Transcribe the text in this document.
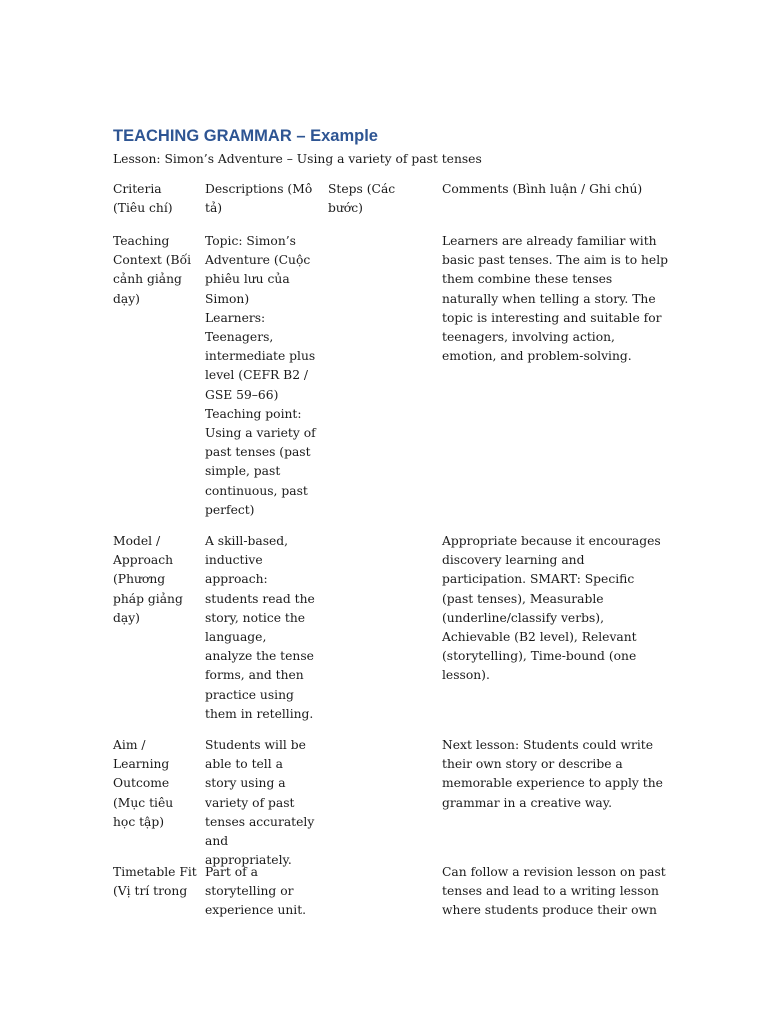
TEACHING GRAMMAR – Example

Lesson: Simon’s Adventure – Using a variety of past tenses

Criteria (Tiêu chí)
Descriptions (Mô tả)
Steps (Các bước)
Comments (Bình luận / Ghi chú)
Teaching Context (Bối cảnh giảng dạy)
Topic: Simon’s Adventure (Cuộc phiêu lưu của Simon)
Learners: Teenagers, intermediate plus level (CEFR B2 / GSE 59–66)
Teaching point: Using a variety of past tenses (past simple, past continuous, past perfect)
Learners are already familiar with basic past tenses. The aim is to help them combine these tenses naturally when telling a story. The topic is interesting and suitable for teenagers, involving action, emotion, and problem-solving.
Model / Approach (Phương pháp giảng dạy)
A skill-based, inductive approach: students read the story, notice the language, analyze the tense forms, and then practice using them in retelling.
Appropriate because it encourages discovery learning and participation. SMART: Specific (past tenses), Measurable (underline/classify verbs), Achievable (B2 level), Relevant (storytelling), Time-bound (one lesson).
Aim / Learning Outcome (Mục tiêu học tập)
Students will be able to tell a story using a variety of past tenses accurately and appropriately.
Next lesson: Students could write their own story or describe a memorable experience to apply the grammar in a creative way.
Timetable Fit (Vị trí trong
Part of a storytelling or experience unit.
Can follow a revision lesson on past tenses and lead to a writing lesson where students produce their own
